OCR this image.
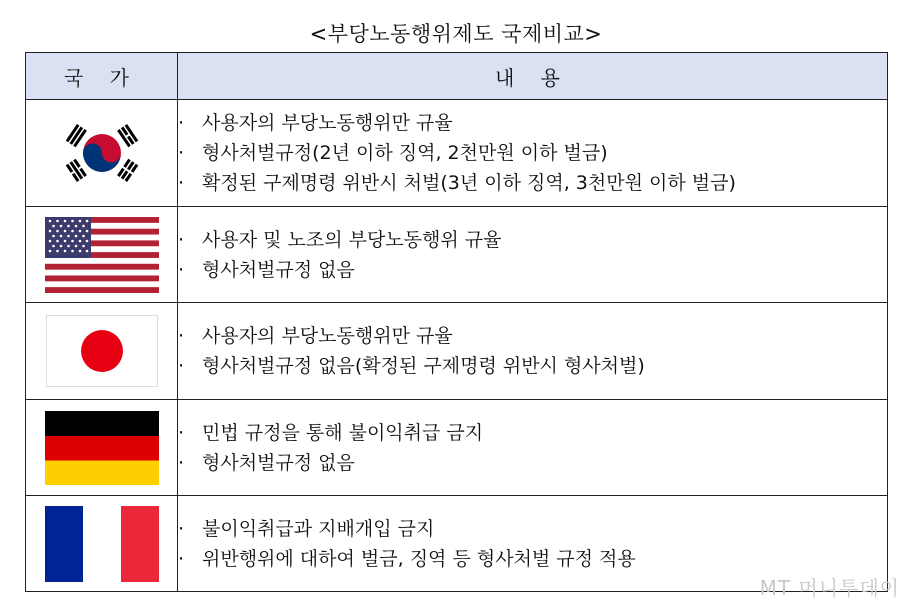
<부당노동행위제도 국제비교>
국 가	내 용

· 사용자의 부당노동행위만 규율
· 형사처벌규정(2년 이하 징역, 2천만원 이하 벌금)
· 확정된 구제명령 위반시 처벌(3년 이하 징역, 3천만원 이하 벌금)

· 사용자 및 노조의 부당노동행위 규율
· 형사처벌규정 없음

· 사용자의 부당노동행위만 규율
· 형사처벌규정 없음(확정된 구제명령 위반시 형사처벌)

· 민법 규정을 통해 불이익취급 금지
· 형사처벌규정 없음

· 불이익취급과 지배개입 금지
· 위반행위에 대하여 벌금, 징역 등 형사처벌 규정 적용
MT 머니투데이
